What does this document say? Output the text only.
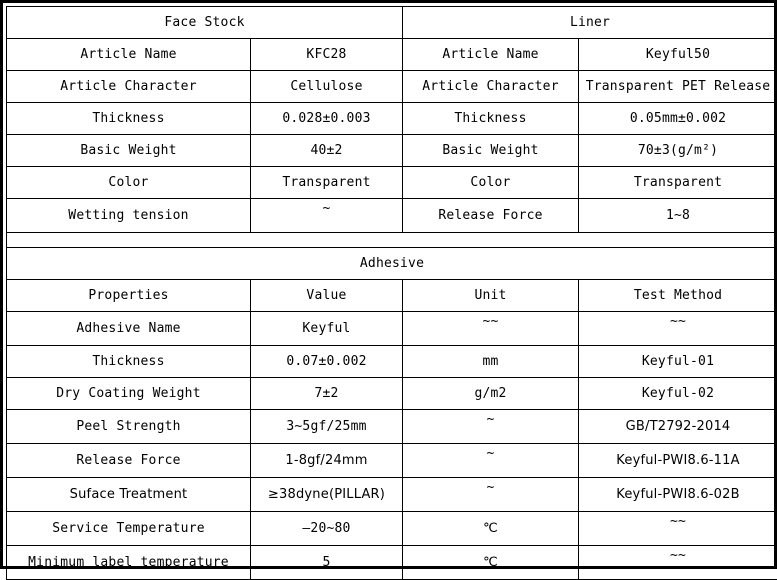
Face Stock		Liner	
Article Name	KFC28	Article Name	Keyful50
Article Character	Cellulose	Article Character	Transparent PET Release
Thickness	0.028±0.003	Thickness	0.05mm±0.002
Basic Weight	40±2	Basic Weight	70±3(g/m²)
Color	Transparent	Color	Transparent
Wetting tension	~	Release Force	1~8

Adhesive			
Properties	Value	Unit	Test Method
Adhesive Name	Keyful	~~	~~
Thickness	0.07±0.002	mm	Keyful-01
Dry Coating Weight	7±2	g/m2	Keyful-02
Peel Strength	3~5gf/25mm	~	GB/T2792-2014
Release Force	1-8gf/24mm	~	Keyful-PWI8.6-11A
Suface Treatment	≥38dyne(PILLAR)	~	Keyful-PWI8.6-02B
Service Temperature	—20~80	℃	~~
Minimum label temperature	5	℃	~~
